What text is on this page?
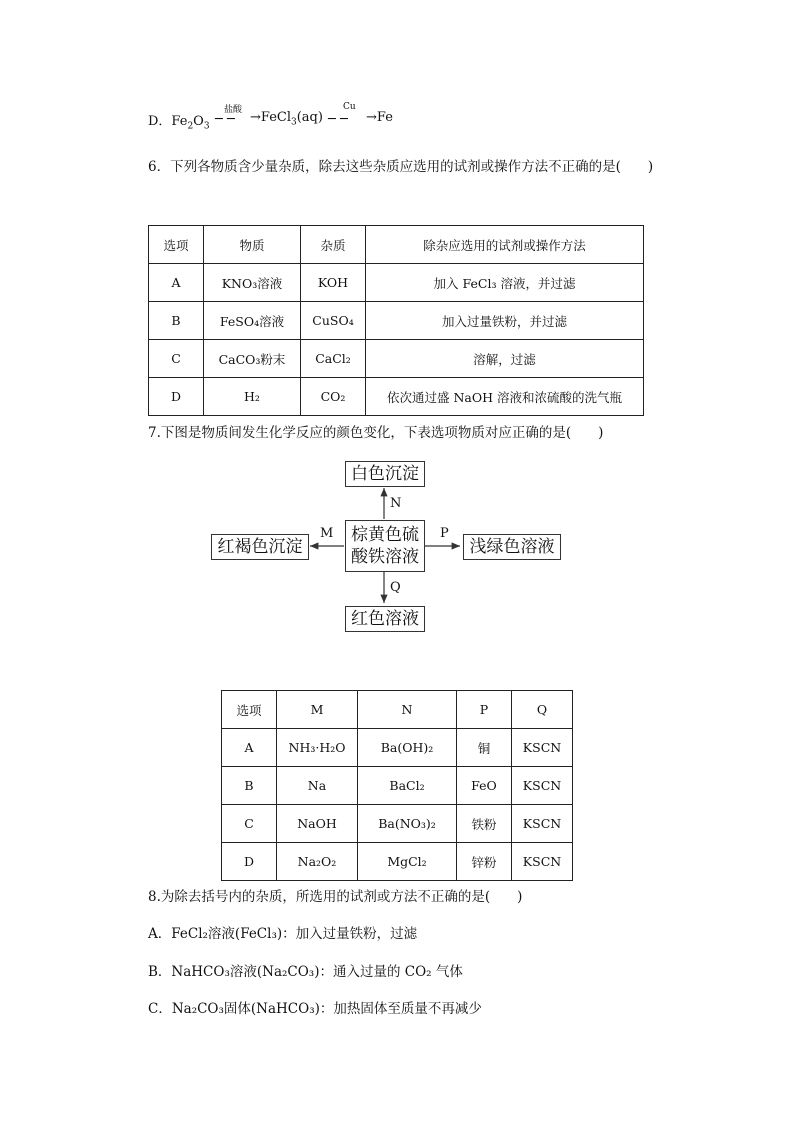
D．$Fe_2O_3$
盐酸
─ ─ →FeCl$_3$(aq)
Cu
─ ─ →Fe
6．下列各物质含少量杂质，除去这些杂质应选用的试剂或操作方法不正确的是(　　)
选项	物质	杂质	除杂应选用的试剂或操作方法
A	KNO₃溶液	KOH	加入 FeCl₃ 溶液，并过滤
B	FeSO₄溶液	CuSO₄	加入过量铁粉，并过滤
C	CaCO₃粉末	CaCl₂	溶解，过滤
D	H₂	CO₂	依次通过盛 NaOH 溶液和浓硫酸的洗气瓶
7.下图是物质间发生化学反应的颜色变化，下表选项物质对应正确的是(　　)
棕黄色硫
酸铁溶液
白色沉淀
红褐色沉淀	浅绿色溶液
红色溶液
N
M	P
Q
选项	M	N	P	Q
A	NH₃·H₂O	Ba(OH)₂	铜	KSCN
B	Na	BaCl₂	FeO	KSCN
C	NaOH	Ba(NO₃)₂	铁粉	KSCN
D	Na₂O₂	MgCl₂	锌粉	KSCN
8.为除去括号内的杂质，所选用的试剂或方法不正确的是(　　)
A．FeCl₂溶液(FeCl₃)：加入过量铁粉，过滤
B．NaHCO₃溶液(Na₂CO₃)：通入过量的 CO₂ 气体
C．Na₂CO₃固体(NaHCO₃)：加热固体至质量不再减少
